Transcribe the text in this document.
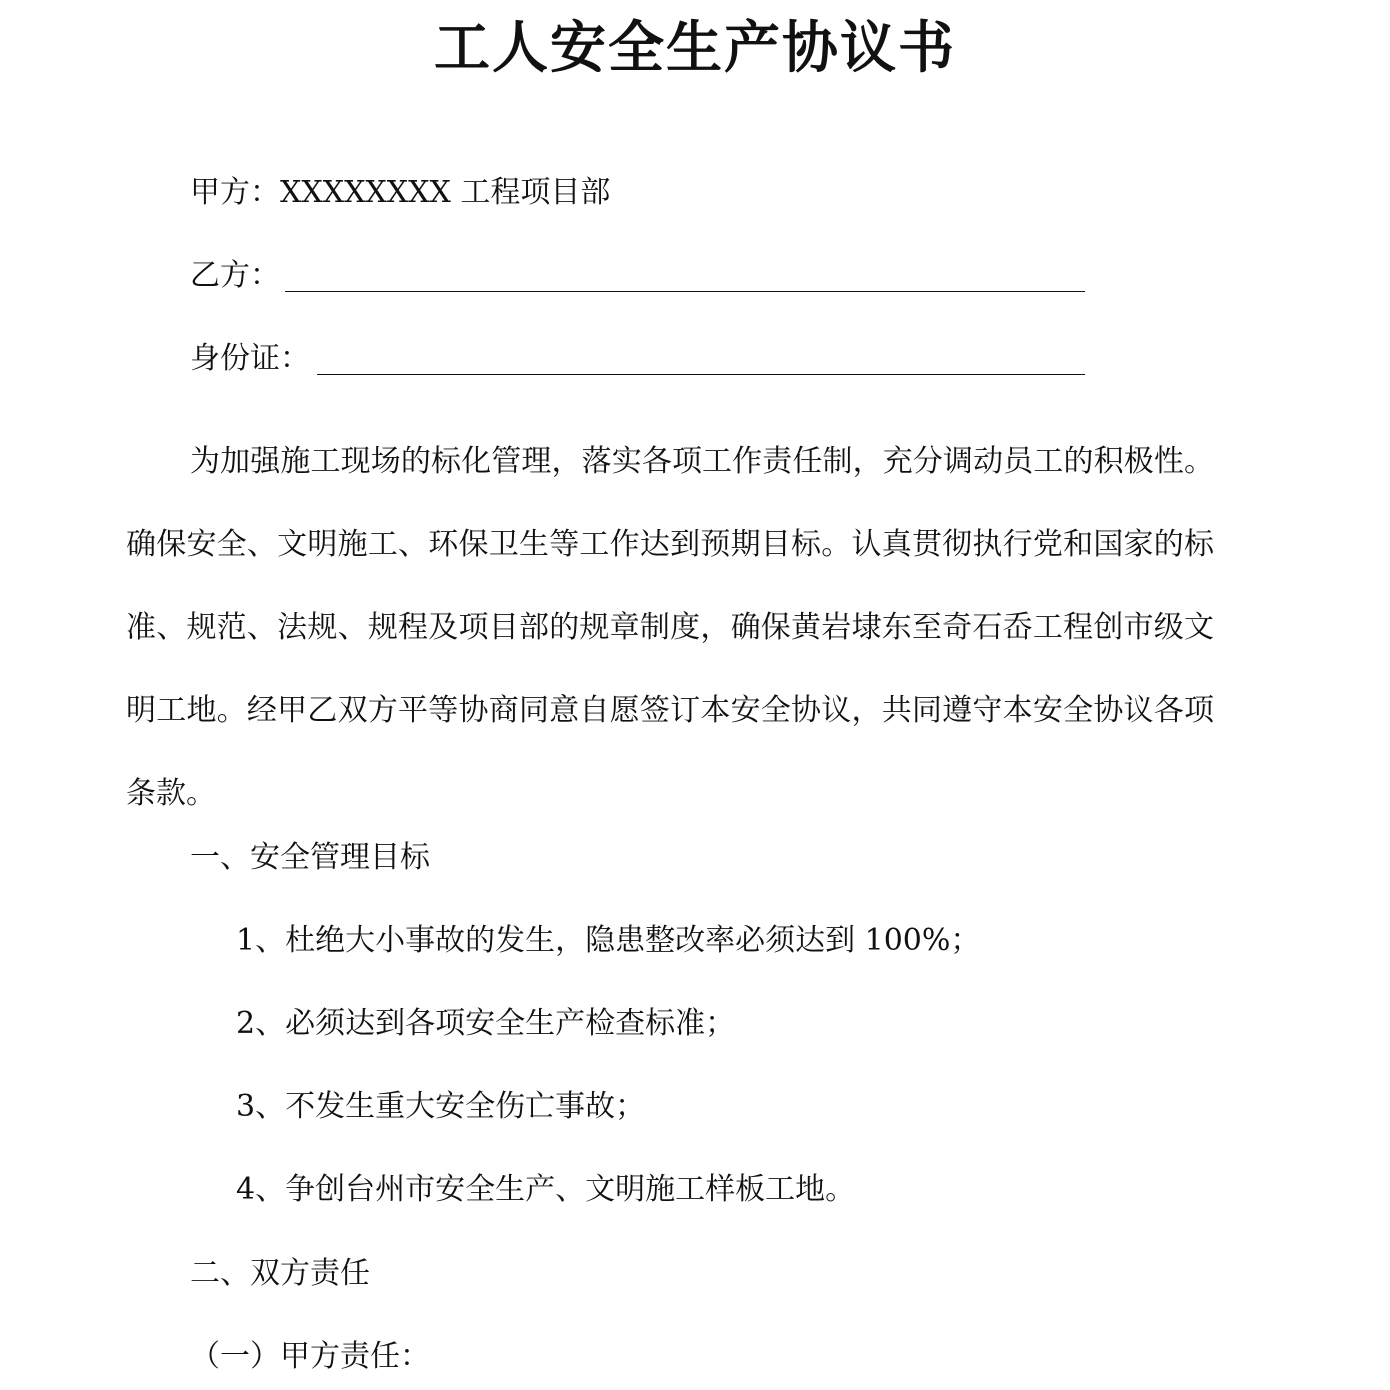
工人安全生产协议书
甲方：XXXXXXXX 工程项目部
乙方：
身份证：

为加强施工现场的标化管理，落实各项工作责任制，充分调动员工的积极性。确保安全、文明施工、环保卫生等工作达到预期目标。认真贯彻执行党和国家的标准、规范、法规、规程及项目部的规章制度，确保黄岩埭东至奇石岙工程创市级文明工地。经甲乙双方平等协商同意自愿签订本安全协议，共同遵守本安全协议各项条款。

一、安全管理目标
1、杜绝大小事故的发生，隐患整改率必须达到 100%；
2、必须达到各项安全生产检查标准；
3、不发生重大安全伤亡事故；
4、争创台州市安全生产、文明施工样板工地。
二、双方责任
（一）甲方责任：
